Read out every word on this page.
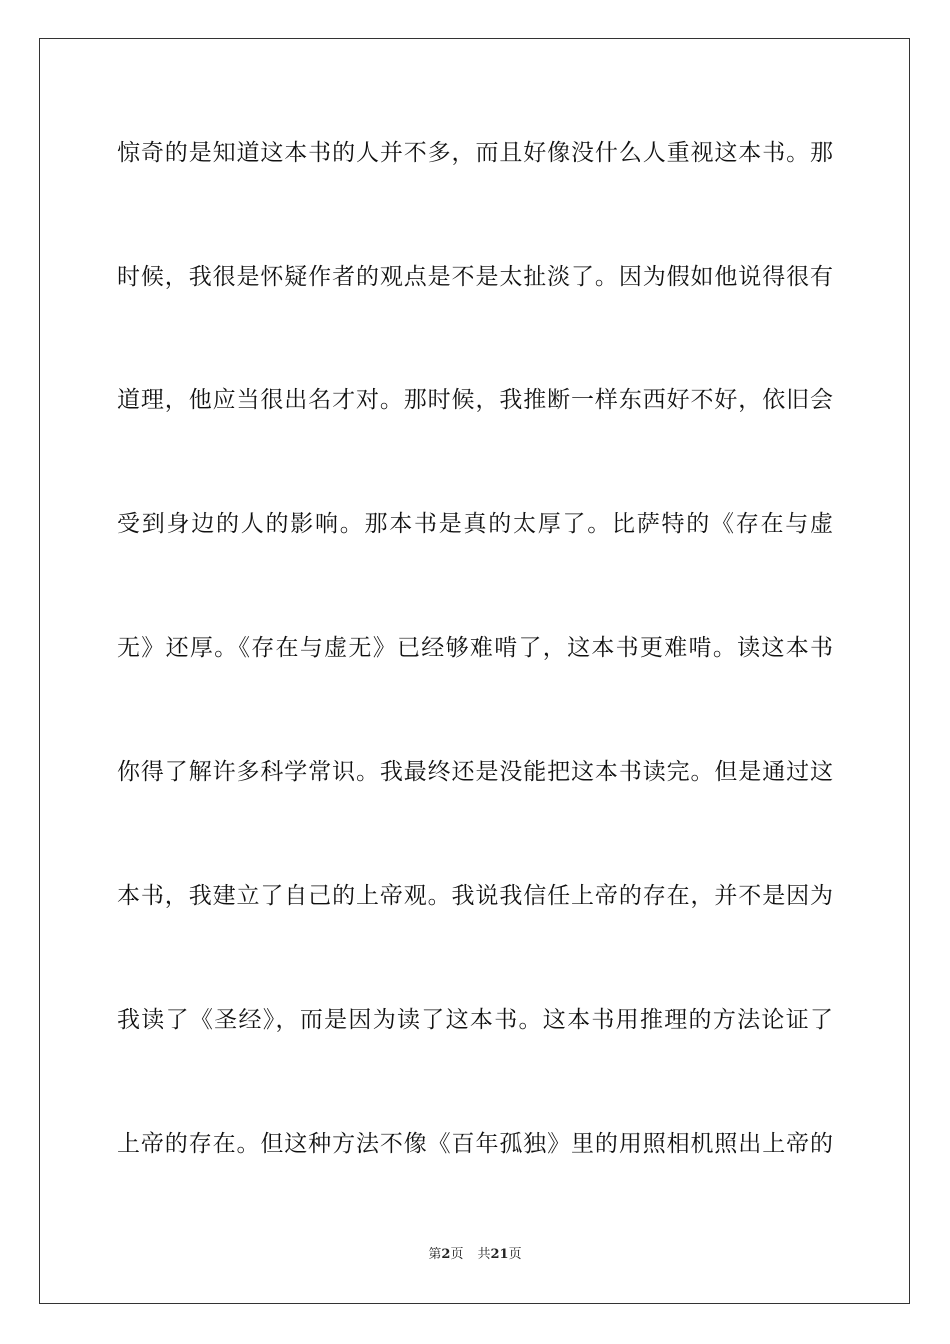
惊奇的是知道这本书的人并不多，而且好像没什么人重视这本书。那
时候，我很是怀疑作者的观点是不是太扯淡了。因为假如他说得很有
道理，他应当很出名才对。那时候，我推断一样东西好不好，依旧会
受到身边的人的影响。那本书是真的太厚了。比萨特的《存在与虚
无》还厚。《存在与虚无》已经够难啃了，这本书更难啃。读这本书
你得了解许多科学常识。我最终还是没能把这本书读完。但是通过这
本书，我建立了自己的上帝观。我说我信任上帝的存在，并不是因为
我读了《圣经》，而是因为读了这本书。这本书用推理的方法论证了
上帝的存在。但这种方法不像《百年孤独》里的用照相机照出上帝的
第2页 共21页
